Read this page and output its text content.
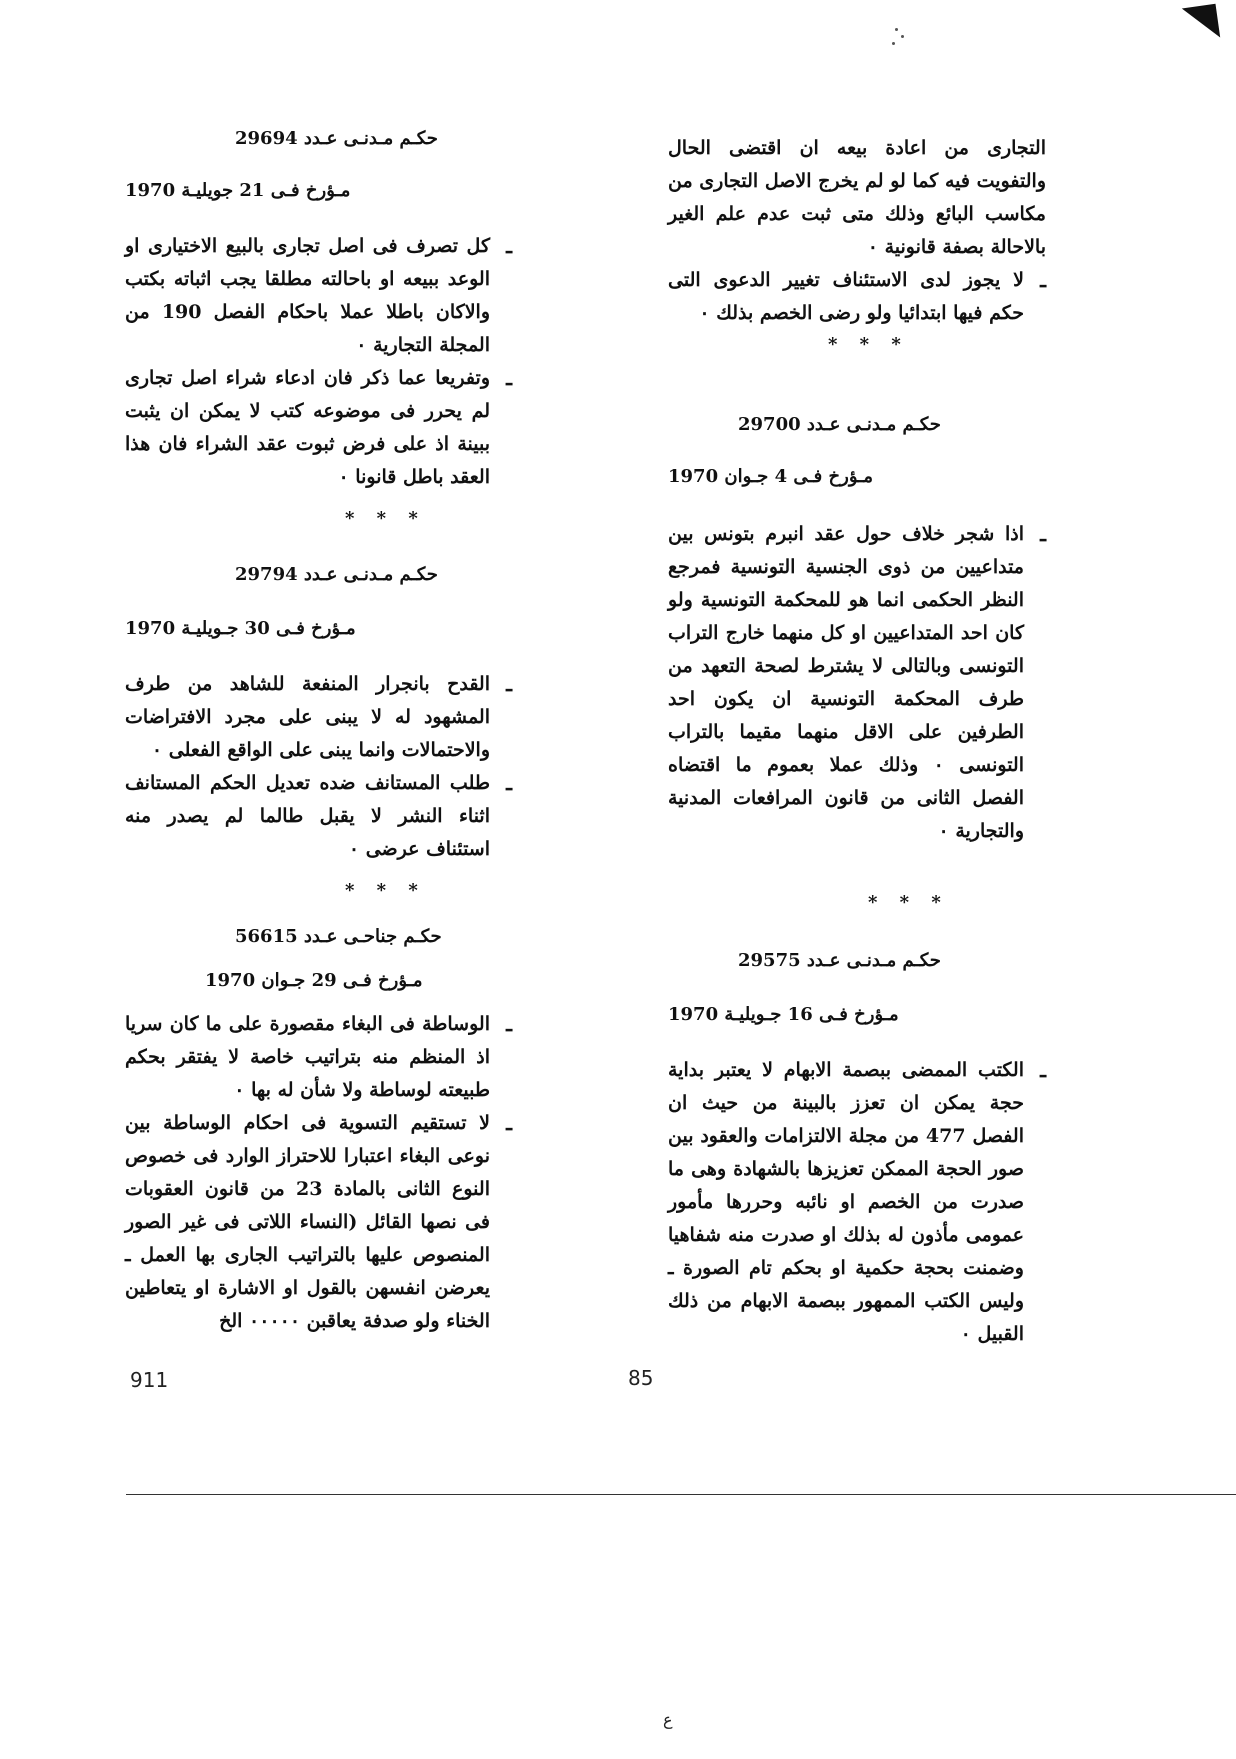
التجارى من اعادة بيعه ان اقتضى الحال والتفويت فيه كما لو لم يخرج الاصل التجارى من مكاسب البائع وذلك متى ثبت عدم علم الغير بالاحالة بصفة قانونية ٠
ـ
لا يجوز لدى الاستئناف تغيير الدعوى التى حكم فيها ابتدائيا ولو رضى الخصم بذلك ٠
* * *
حكـم مـدنـى عـدد 29700
مـؤرخ فـى 4 جـوان 1970
ـ
اذا شجر خلاف حول عقد انبرم بتونس بين متداعيين من ذوى الجنسية التونسية فمرجع النظر الحكمى انما هو للمحكمة التونسية ولو كان احد المتداعيين او كل منهما خارج التراب التونسى وبالتالى لا يشترط لصحة التعهد من طرف المحكمة التونسية ان يكون احد الطرفين على الاقل منهما مقيما بالتراب التونسى ٠ وذلك عملا بعموم ما اقتضاه الفصل الثانى من قانون المرافعات المدنية والتجارية ٠
* * *
حكـم مـدنـى عـدد 29575
مـؤرخ فـى 16 جـويليـة 1970
ـ
الكتب الممضى ببصمة الابهام لا يعتبر بداية حجة يمكن ان تعزز بالبينة من حيث ان الفصل 477 من مجلة الالتزامات والعقود بين صور الحجة الممكن تعزيزها بالشهادة وهى ما صدرت من الخصم او نائبه وحررها مأمور عمومى مأذون له بذلك او صدرت منه شفاهيا وضمنت بحجة حكمية او بحكم تام الصورة ـ وليس الكتب الممهور ببصمة الابهام من ذلك القبيل ٠
حكـم مـدنـى عـدد 29694
مـؤرخ فـى 21 جويليـة 1970
ـ
كل تصرف فى اصل تجارى بالبيع الاختيارى او الوعد ببيعه او باحالته مطلقا يجب اثباته بكتب والاكان باطلا عملا باحكام الفصل 190 من المجلة التجارية ٠
ـ
وتفريعا عما ذكر فان ادعاء شراء اصل تجارى لم يحرر فى موضوعه كتب لا يمكن ان يثبت ببينة اذ على فرض ثبوت عقد الشراء فان هذا العقد باطل قانونا ٠
* * *
حكـم مـدنـى عـدد 29794
مـؤرخ فـى 30 جـويليـة 1970
ـ
القدح بانجرار المنفعة للشاهد من طرف المشهود له لا يبنى على مجرد الافتراضات والاحتمالات وانما يبنى على الواقع الفعلى ٠
ـ
طلب المستانف ضده تعديل الحكم المستانف اثناء النشر لا يقبل طالما لم يصدر منه استئناف عرضى ٠
* * *
حكـم جناحـى عـدد 56615
مـؤرخ فـى 29 جـوان 1970
ـ
الوساطة فى البغاء مقصورة على ما كان سريا اذ المنظم منه بتراتيب خاصة لا يفتقر بحكم طبيعته لوساطة ولا شأن له بها ٠
ـ
لا تستقيم التسوية فى احكام الوساطة بين نوعى البغاء اعتبارا للاحتراز الوارد فى خصوص النوع الثانى بالمادة 23 من قانون العقوبات فى نصها القائل (النساء اللاتى فى غير الصور المنصوص عليها بالتراتيب الجارى بها العمل ـ يعرضن انفسهن بالقول او الاشارة او يتعاطين الخناء ولو صدفة يعاقبن ٠٠٠٠٠ الخ
911	85
ع
